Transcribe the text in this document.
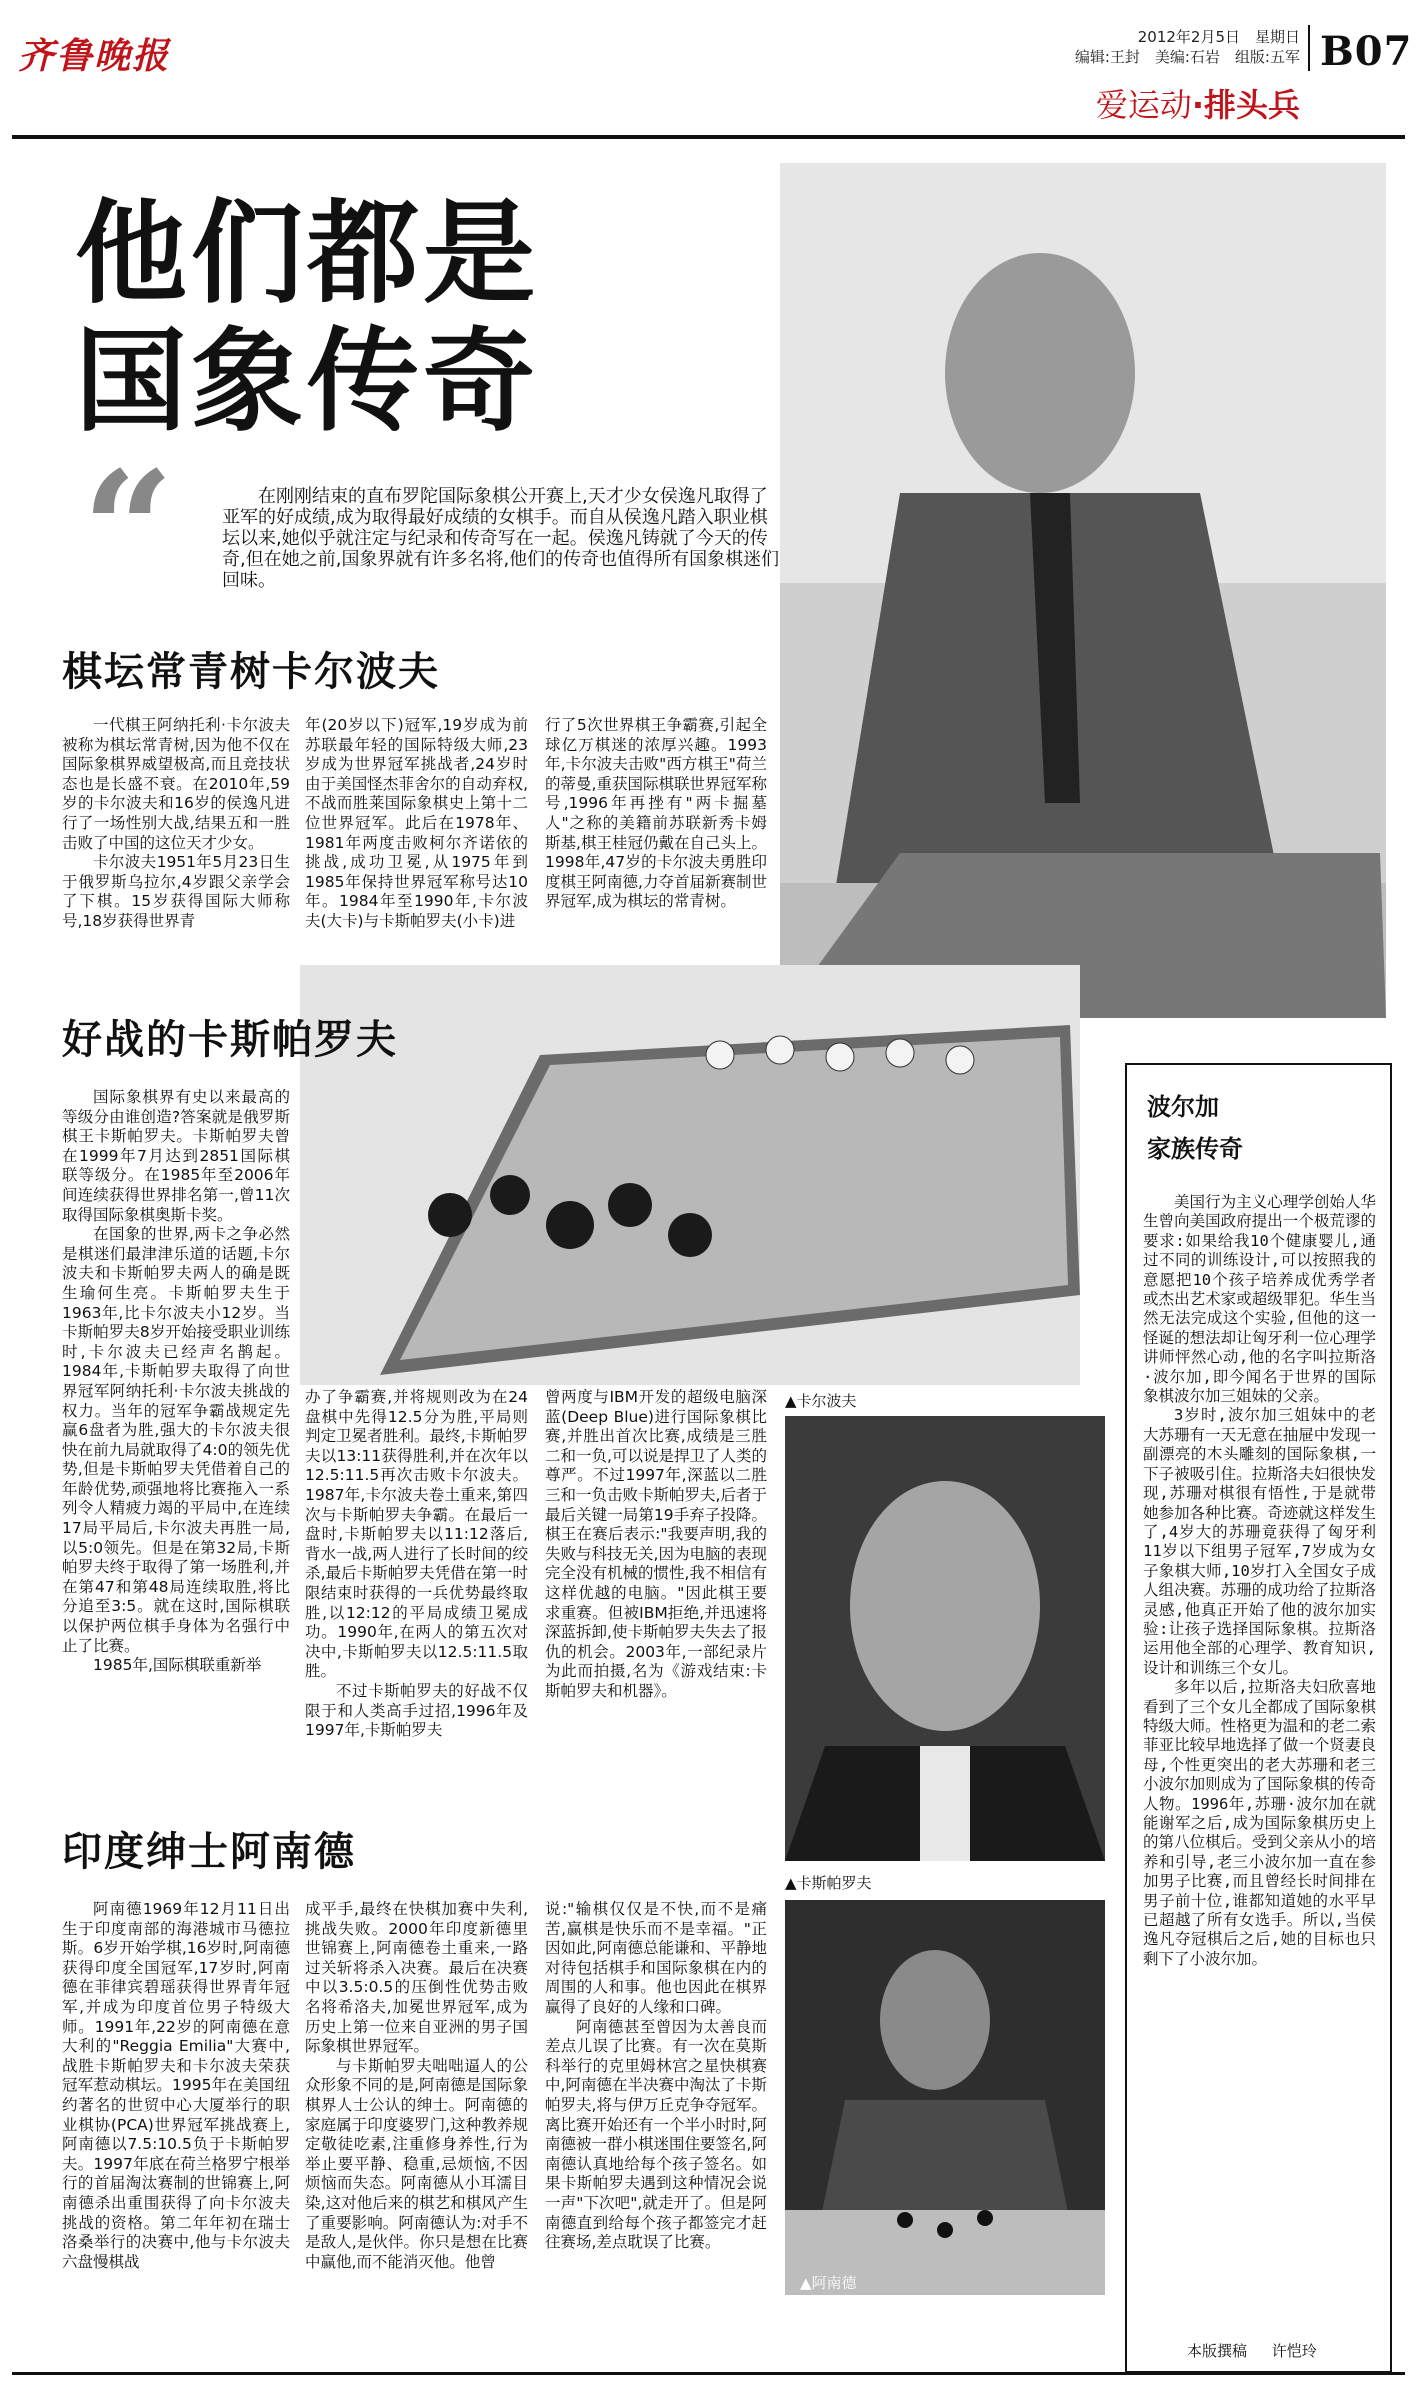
齐鲁晚报	2012年2月5日　星期日
编辑:王封　美编:石岩　组版:五军 B07
爱运动·排头兵
他们都是
国象传奇
“	在刚刚结束的直布罗陀国际象棋公开赛上,天才少女侯逸凡取得了亚军的好成绩,成为取得最好成绩的女棋手。而自从侯逸凡踏入职业棋坛以来,她似乎就注定与纪录和传奇写在一起。侯逸凡铸就了今天的传奇,但在她之前,国象界就有许多名将,他们的传奇也值得所有国象棋迷们回味。
棋坛常青树卡尔波夫

一代棋王阿纳托利·卡尔波夫被称为棋坛常青树,因为他不仅在国际象棋界威望极高,而且竞技状态也是长盛不衰。在2010年,59岁的卡尔波夫和16岁的侯逸凡进行了一场性别大战,结果五和一胜击败了中国的这位天才少女。

卡尔波夫1951年5月23日生于俄罗斯乌拉尔,4岁跟父亲学会了下棋。15岁获得国际大师称号,18岁获得世界青

年(20岁以下)冠军,19岁成为前苏联最年轻的国际特级大师,23岁成为世界冠军挑战者,24岁时由于美国怪杰菲舍尔的自动弃权,不战而胜莱国际象棋史上第十二位世界冠军。此后在1978年、1981年两度击败柯尔齐诺依的挑战,成功卫冕,从1975年到1985年保持世界冠军称号达10年。1984年至1990年,卡尔波夫(大卡)与卡斯帕罗夫(小卡)进

行了5次世界棋王争霸赛,引起全球亿万棋迷的浓厚兴趣。1993年,卡尔波夫击败"西方棋王"荷兰的蒂曼,重获国际棋联世界冠军称号,1996年再挫有"两卡掘墓人"之称的美籍前苏联新秀卡姆斯基,棋王桂冠仍戴在自己头上。1998年,47岁的卡尔波夫勇胜印度棋王阿南德,力夺首届新赛制世界冠军,成为棋坛的常青树。

好战的卡斯帕罗夫

国际象棋界有史以来最高的等级分由谁创造?答案就是俄罗斯棋王卡斯帕罗夫。卡斯帕罗夫曾在1999年7月达到2851国际棋联等级分。在1985年至2006年间连续获得世界排名第一,曾11次取得国际象棋奥斯卡奖。

在国象的世界,两卡之争必然是棋迷们最津津乐道的话题,卡尔波夫和卡斯帕罗夫两人的确是既生瑜何生亮。卡斯帕罗夫生于1963年,比卡尔波夫小12岁。当卡斯帕罗夫8岁开始接受职业训练时,卡尔波夫已经声名鹊起。1984年,卡斯帕罗夫取得了向世界冠军阿纳托利·卡尔波夫挑战的权力。当年的冠军争霸战规定先赢6盘者为胜,强大的卡尔波夫很快在前九局就取得了4:0的领先优势,但是卡斯帕罗夫凭借着自己的年龄优势,顽强地将比赛拖入一系列令人精疲力竭的平局中,在连续17局平局后,卡尔波夫再胜一局,以5:0领先。但是在第32局,卡斯帕罗夫终于取得了第一场胜利,并在第47和第48局连续取胜,将比分追至3:5。就在这时,国际棋联以保护两位棋手身体为名强行中止了比赛。

1985年,国际棋联重新举

办了争霸赛,并将规则改为在24盘棋中先得12.5分为胜,平局则判定卫冕者胜利。最终,卡斯帕罗夫以13:11获得胜利,并在次年以12.5:11.5再次击败卡尔波夫。1987年,卡尔波夫卷土重来,第四次与卡斯帕罗夫争霸。在最后一盘时,卡斯帕罗夫以11:12落后,背水一战,两人进行了长时间的绞杀,最后卡斯帕罗夫凭借在第一时限结束时获得的一兵优势最终取胜,以12:12的平局成绩卫冕成功。1990年,在两人的第五次对决中,卡斯帕罗夫以12.5:11.5取胜。

不过卡斯帕罗夫的好战不仅限于和人类高手过招,1996年及1997年,卡斯帕罗夫

曾两度与IBM开发的超级电脑深蓝(Deep Blue)进行国际象棋比赛,并胜出首次比赛,成绩是三胜二和一负,可以说是捍卫了人类的尊严。不过1997年,深蓝以二胜三和一负击败卡斯帕罗夫,后者于最后关键一局第19手弃子投降。棋王在赛后表示:"我要声明,我的失败与科技无关,因为电脑的表现完全没有机械的惯性,我不相信有这样优越的电脑。"因此棋王要求重赛。但被IBM拒绝,并迅速将深蓝拆卸,使卡斯帕罗夫失去了报仇的机会。2003年,一部纪录片为此而拍摄,名为《游戏结束:卡斯帕罗夫和机器》。

▲卡尔波夫
▲卡斯帕罗夫
▲阿南德
印度绅士阿南德

阿南德1969年12月11日出生于印度南部的海港城市马德拉斯。6岁开始学棋,16岁时,阿南德获得印度全国冠军,17岁时,阿南德在菲律宾碧瑶获得世界青年冠军,并成为印度首位男子特级大师。1991年,22岁的阿南德在意大利的"Reggia Emilia"大赛中,战胜卡斯帕罗夫和卡尔波夫荣获冠军惹动棋坛。1995年在美国纽约著名的世贸中心大厦举行的职业棋协(PCA)世界冠军挑战赛上,阿南德以7.5:10.5负于卡斯帕罗夫。1997年底在荷兰格罗宁根举行的首届淘汰赛制的世锦赛上,阿南德杀出重围获得了向卡尔波夫挑战的资格。第二年年初在瑞士洛桑举行的决赛中,他与卡尔波夫六盘慢棋战

成平手,最终在快棋加赛中失利,挑战失败。2000年印度新德里世锦赛上,阿南德卷土重来,一路过关斩将杀入决赛。最后在决赛中以3.5:0.5的压倒性优势击败名将希洛夫,加冕世界冠军,成为历史上第一位来自亚洲的男子国际象棋世界冠军。

与卡斯帕罗夫咄咄逼人的公众形象不同的是,阿南德是国际象棋界人士公认的绅士。阿南德的家庭属于印度婆罗门,这种教养规定敬徒吃素,注重修身养性,行为举止要平静、稳重,忌烦恼,不因烦恼而失态。阿南德从小耳濡目染,这对他后来的棋艺和棋风产生了重要影响。阿南德认为:对手不是敌人,是伙伴。你只是想在比赛中赢他,而不能消灭他。他曾

说:"输棋仅仅是不快,而不是痛苦,赢棋是快乐而不是幸福。"正因如此,阿南德总能谦和、平静地对待包括棋手和国际象棋在内的周围的人和事。他也因此在棋界赢得了良好的人缘和口碑。

阿南德甚至曾因为太善良而差点儿误了比赛。有一次在莫斯科举行的克里姆林宫之星快棋赛中,阿南德在半决赛中淘汰了卡斯帕罗夫,将与伊万丘克争夺冠军。离比赛开始还有一个半小时时,阿南德被一群小棋迷围住要签名,阿南德认真地给每个孩子签名。如果卡斯帕罗夫遇到这种情况会说一声"下次吧",就走开了。但是阿南德直到给每个孩子都签完才赶往赛场,差点耽误了比赛。

波尔加
家族传奇

美国行为主义心理学创始人华生曾向美国政府提出一个极荒谬的要求:如果给我10个健康婴儿,通过不同的训练设计,可以按照我的意愿把10个孩子培养成优秀学者或杰出艺术家或超级罪犯。华生当然无法完成这个实验,但他的这一怪诞的想法却让匈牙利一位心理学讲师怦然心动,他的名字叫拉斯洛·波尔加,即今闻名于世界的国际象棋波尔加三姐妹的父亲。

3岁时,波尔加三姐妹中的老大苏珊有一天无意在抽屉中发现一副漂亮的木头雕刻的国际象棋,一下子被吸引住。拉斯洛夫妇很快发现,苏珊对棋很有悟性,于是就带她参加各种比赛。奇迹就这样发生了,4岁大的苏珊竟获得了匈牙利11岁以下组男子冠军,7岁成为女子象棋大师,10岁打入全国女子成人组决赛。苏珊的成功给了拉斯洛灵感,他真正开始了他的波尔加实验:让孩子选择国际象棋。拉斯洛运用他全部的心理学、教育知识,设计和训练三个女儿。

多年以后,拉斯洛夫妇欣喜地看到了三个女儿全都成了国际象棋特级大师。性格更为温和的老二索菲亚比较早地选择了做一个贤妻良母,个性更突出的老大苏珊和老三小波尔加则成为了国际象棋的传奇人物。1996年,苏珊·波尔加在就能谢军之后,成为国际象棋历史上的第八位棋后。受到父亲从小的培养和引导,老三小波尔加一直在参加男子比赛,而且曾经长时间排在男子前十位,谁都知道她的水平早已超越了所有女选手。所以,当侯逸凡夺冠棋后之后,她的目标也只剩下了小波尔加。

本版撰稿 许恺玲
